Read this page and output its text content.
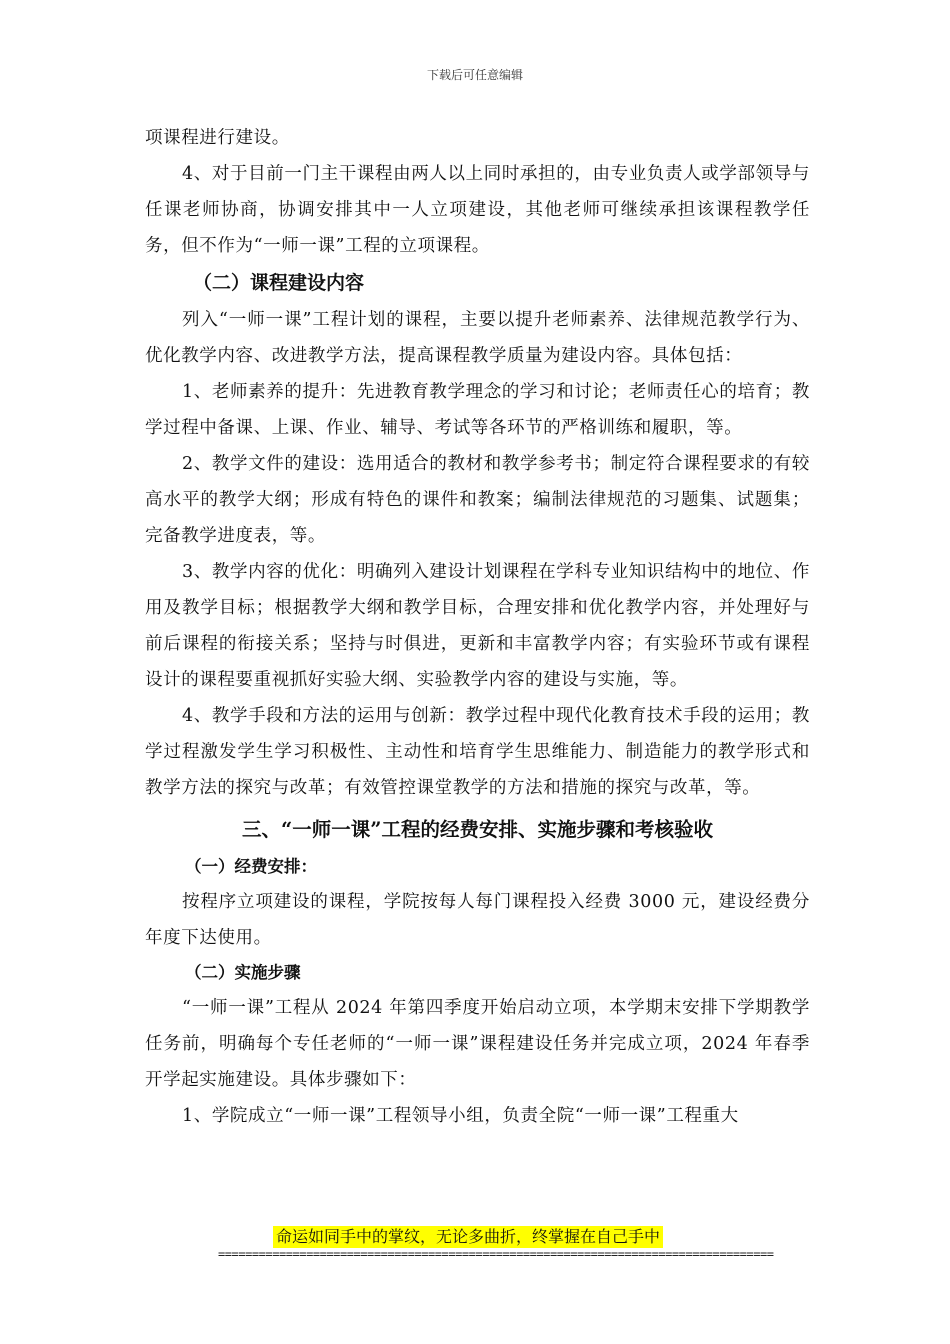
下载后可任意编辑

项课程进行建设。

4、对于目前一门主干课程由两人以上同时承担的，由专业负责人或学部领导与任课老师协商，协调安排其中一人立项建设，其他老师可继续承担该课程教学任务，但不作为“一师一课”工程的立项课程。

（二）课程建设内容

列入“一师一课”工程计划的课程，主要以提升老师素养、法律规范教学行为、优化教学内容、改进教学方法，提高课程教学质量为建设内容。具体包括：

1、老师素养的提升：先进教育教学理念的学习和讨论；老师责任心的培育；教学过程中备课、上课、作业、辅导、考试等各环节的严格训练和履职，等。

2、教学文件的建设：选用适合的教材和教学参考书；制定符合课程要求的有较高水平的教学大纲；形成有特色的课件和教案；编制法律规范的习题集、试题集；完备教学进度表，等。

3、教学内容的优化：明确列入建设计划课程在学科专业知识结构中的地位、作用及教学目标；根据教学大纲和教学目标，合理安排和优化教学内容，并处理好与前后课程的衔接关系；坚持与时俱进，更新和丰富教学内容；有实验环节或有课程设计的课程要重视抓好实验大纲、实验教学内容的建设与实施，等。

4、教学手段和方法的运用与创新：教学过程中现代化教育技术手段的运用；教学过程激发学生学习积极性、主动性和培育学生思维能力、制造能力的教学形式和教学方法的探究与改革；有效管控课堂教学的方法和措施的探究与改革，等。

三、“一师一课”工程的经费安排、实施步骤和考核验收

（一）经费安排：

按程序立项建设的课程，学院按每人每门课程投入经费 3000 元，建设经费分年度下达使用。

（二）实施步骤

“一师一课”工程从 2024 年第四季度开始启动立项，本学期末安排下学期教学任务前，明确每个专任老师的“一师一课”课程建设任务并完成立项，2024 年春季开学起实施建设。具体步骤如下：

1、学院成立“一师一课”工程领导小组，负责全院“一师一课”工程重大

命运如同手中的掌纹，无论多曲折，终掌握在自己手中
==================================================================================
